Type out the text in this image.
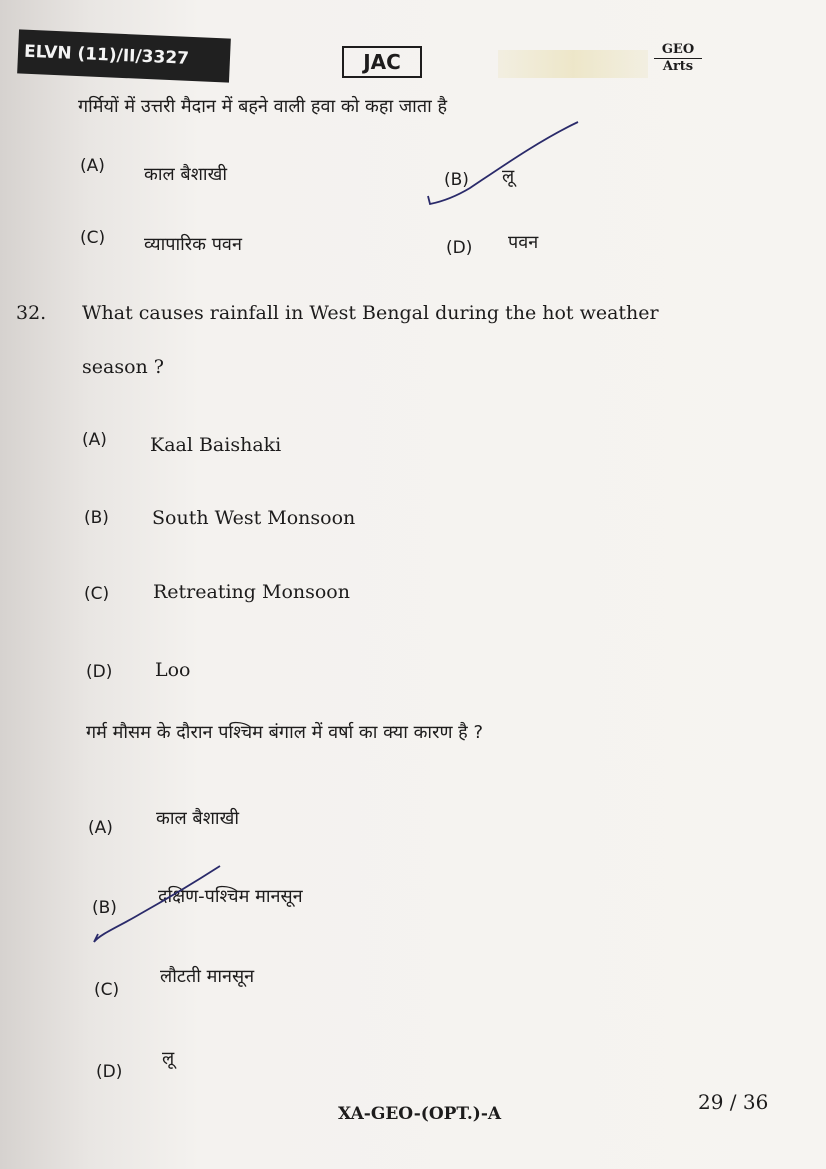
ELVN (11)/II/3327	JAC
GEO
Arts
गर्मियों में उत्तरी मैदान में बहने वाली हवा को कहा जाता है
(A) काल बैशाखी	(B) लू
(C) व्यापारिक पवन	(D) पवन
32. What causes rainfall in West Bengal during the hot weather
season ?
(A) Kaal Baishaki
(B) South West Monsoon
(C) Retreating Monsoon
(D) Loo
गर्म मौसम के दौरान पश्चिम बंगाल में वर्षा का क्या कारण है ?
(A) काल बैशाखी
(B)
दक्षिण-पश्चिम मानसून
(C)
लौटती मानसून
(D)
लू
XA-GEO-(OPT.)-A	29 / 36
